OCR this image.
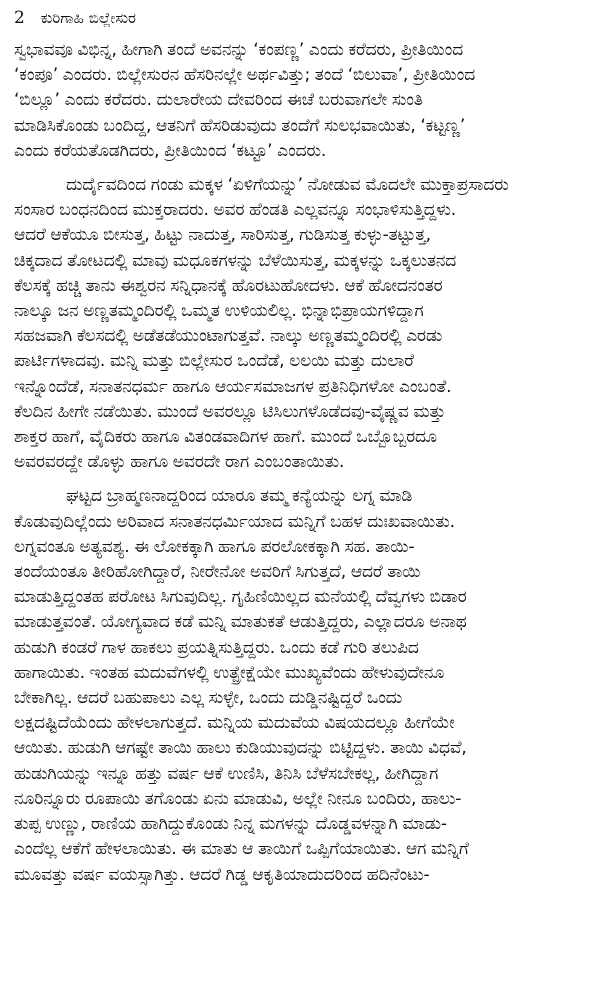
2 ಕುರಿಗಾಹಿ ಬಿಲ್ಲೇಸುರ
ಸ್ವಭಾವವೂ ವಿಭಿನ್ನ, ಹೀಗಾಗಿ ತಂದೆ ಅವನನ್ನು ‘ಕಂಪಣ್ಣ’ ಎಂದು ಕರೆದರು, ಪ್ರೀತಿಯಿಂದ
‘ಕಂಪೂ’ ಎಂದರು. ಬಿಲ್ಲೇಸುರನ ಹೆಸರಿನಲ್ಲೇ ಅರ್ಥವಿತ್ತು; ತಂದೆ ‘ಬಿಲುವಾ’, ಪ್ರೀತಿಯಿಂದ
‘ಬಿಲ್ಲೂ’ ಎಂದು ಕರೆದರು. ದುಲಾರೇಯ ದೇವರಿಂದ ಈಚೆ ಬರುವಾಗಲೇ ಸುಂತಿ
ಮಾಡಿಸಿಕೊಂಡು ಬಂದಿದ್ದ, ಆತನಿಗೆ ಹೆಸರಿಡುವುದು ತಂದೆಗೆ ಸುಲಭವಾಯಿತು, ‘ಕಟ್ಟಣ್ಣ’
ಎಂದು ಕರೆಯತೊಡಗಿದರು, ಪ್ರೀತಿಯಿಂದ ‘ಕಟ್ಟೂ’ ಎಂದರು.
ದುರ್ದೈವದಿಂದ ಗಂಡು ಮಕ್ಕಳ ‘ಏಳಿಗೆಯನ್ನು’ ನೋಡುವ ಮೊದಲೇ ಮುಕ್ತಾಪ್ರಸಾದರು
ಸಂಸಾರ ಬಂಧನದಿಂದ ಮುಕ್ತರಾದರು. ಅವರ ಹೆಂಡತಿ ಎಲ್ಲವನ್ನೂ ಸಂಭಾಳಿಸುತ್ತಿದ್ದಳು.
ಆದರೆ ಆಕೆಯೂ ಬೀಸುತ್ತ, ಹಿಟ್ಟು ನಾದುತ್ತ, ಸಾರಿಸುತ್ತ, ಗುಡಿಸುತ್ತ ಕುಳ್ಳು-ತಟ್ಟುತ್ತ,
ಚಿಕ್ಕದಾದ ತೋಟದಲ್ಲಿ ಮಾವು ಮಧೂಕಗಳನ್ನು ಬೆಳೆಯಿಸುತ್ತ, ಮಕ್ಕಳನ್ನು ಒಕ್ಕಲುತನದ
ಕೆಲಸಕ್ಕೆ ಹಚ್ಚಿ ತಾನು ಈಶ್ವರನ ಸನ್ನಿಧಾನಕ್ಕೆ ಹೊರಟುಹೋದಳು. ಆಕೆ ಹೋದನಂತರ
ನಾಲ್ಕೂ ಜನ ಅಣ್ಣತಮ್ಮಂದಿರಲ್ಲಿ ಒಮ್ಮತ ಉಳಿಯಲಿಲ್ಲ. ಭಿನ್ನಾಭಿಪ್ರಾಯಗಳಿದ್ದಾಗ
ಸಹಜವಾಗಿ ಕೆಲಸದಲ್ಲಿ ಅಡೆತಡೆಯುಂಟಾಗುತ್ತವೆ. ನಾಲ್ಕು ಅಣ್ಣತಮ್ಮಂದಿರಲ್ಲಿ ಎರಡು
ಪಾರ್ಟಿಗಳಾದವು. ಮನ್ನಿ ಮತ್ತು ಬಿಲ್ಲೇಸುರ ಒಂದೆಡೆ, ಲಲಯಿ ಮತ್ತು ದುಲಾರೆ
ಇನ್ನೊಂದೆಡೆ, ಸನಾತನಧರ್ಮ ಹಾಗೂ ಆರ್ಯಸಮಾಜಗಳ ಪ್ರತಿನಿಧಿಗಳೋ ಎಂಬಂತೆ.
ಕೆಲದಿನ ಹೀಗೇ ನಡೆಯಿತು. ಮುಂದೆ ಅವರಲ್ಲೂ ಟಿಸಿಲುಗಳೊಡೆದವು-ವೈಷ್ಣವ ಮತ್ತು
ಶಾಕ್ತರ ಹಾಗೆ, ವೈದಿಕರು ಹಾಗೂ ವಿತಂಡವಾದಿಗಳ ಹಾಗೆ. ಮುಂದೆ ಒಬ್ಬೊಬ್ಬರದೂ
ಅವರವರದ್ದೇ ಡೊಳ್ಳು ಹಾಗೂ ಅವರದೇ ರಾಗ ಎಂಬಂತಾಯಿತು.
ಘಟ್ಟದ ಬ್ರಾಹ್ಮಣನಾದ್ದರಿಂದ ಯಾರೂ ತಮ್ಮ ಕನ್ಯೆಯನ್ನು ಲಗ್ನ ಮಾಡಿ
ಕೊಡುವುದಿಲ್ಲೆಂದು ಅರಿವಾದ ಸನಾತನಧರ್ಮಿಯಾದ ಮನ್ನಿಗೆ ಬಹಳ ದುಃಖವಾಯಿತು.
ಲಗ್ನವಂತೂ ಅತ್ಯವಶ್ಯ. ಈ ಲೋಕಕ್ಕಾಗಿ ಹಾಗೂ ಪರಲೋಕಕ್ಕಾಗಿ ಸಹ. ತಾಯಿ-
ತಂದೆಯಂತೂ ತೀರಿಹೋಗಿದ್ದಾರೆ, ನೀರೇನೋ ಅವರಿಗೆ ಸಿಗುತ್ತದೆ, ಆದರೆ ತಾಯಿ
ಮಾಡುತ್ತಿದ್ದಂತಹ ಪರೋಟ ಸಿಗುವುದಿಲ್ಲ. ಗೃಹಿಣಿಯಿಲ್ಲದ ಮನೆಯಲ್ಲಿ ದೆವ್ವಗಳು ಬಿಡಾರ
ಮಾಡುತ್ತವಂತೆ. ಯೋಗ್ಯವಾದ ಕಡೆ ಮನ್ನಿ ಮಾತುಕತೆ ಆಡುತ್ತಿದ್ದರು, ಎಲ್ಲಾದರೂ ಅನಾಥ
ಹುಡುಗಿ ಕಂಡರೆ ಗಾಳ ಹಾಕಲು ಪ್ರಯತ್ನಿಸುತ್ತಿದ್ದರು. ಒಂದು ಕಡೆ ಗುರಿ ತಲುಪಿದ
ಹಾಗಾಯಿತು. ಇಂತಹ ಮದುವೆಗಳಲ್ಲಿ ಉತ್ಪ್ರೇಕ್ಷೆಯೇ ಮುಖ್ಯವೆಂದು ಹೇಳುವುದೇನೂ
ಬೇಕಾಗಿಲ್ಲ. ಆದರೆ ಬಹುಪಾಲು ಎಲ್ಲ ಸುಳ್ಳೇ, ಒಂದು ದುಡ್ಡಿನಷ್ಟಿದ್ದರೆ ಒಂದು
ಲಕ್ಷದಷ್ಟಿದೆಯೆಂದು ಹೇಳಲಾಗುತ್ತದೆ. ಮನ್ನಿಯ ಮದುವೆಯ ವಿಷಯದಲ್ಲೂ ಹೀಗೆಯೇ
ಆಯಿತು. ಹುಡುಗಿ ಆಗಷ್ಟೇ ತಾಯಿ ಹಾಲು ಕುಡಿಯುವುದನ್ನು ಬಿಟ್ಟಿದ್ದಳು. ತಾಯಿ ವಿಧವೆ,
ಹುಡುಗಿಯನ್ನು ಇನ್ನೂ ಹತ್ತು ವರ್ಷ ಆಕೆ ಉಣಿಸಿ, ತಿನಿಸಿ ಬೆಳೆಸಬೇಕಲ್ಲ, ಹೀಗಿದ್ದಾಗ
ನೂರಿನ್ನೂರು ರೂಪಾಯಿ ತಗೊಂಡು ಏನು ಮಾಡುವಿ, ಅಲ್ಲೇ ನೀನೂ ಬಂದಿರು, ಹಾಲು-
ತುಪ್ಪ ಉಣ್ಣು, ರಾಣಿಯ ಹಾಗಿದ್ದುಕೊಂಡು ನಿನ್ನ ಮಗಳನ್ನು ದೊಡ್ಡವಳನ್ನಾಗಿ ಮಾಡು-
ಎಂದೆಲ್ಲ ಆಕೆಗೆ ಹೇಳಲಾಯಿತು. ಈ ಮಾತು ಆ ತಾಯಿಗೆ ಒಪ್ಪಿಗೆಯಾಯಿತು. ಆಗ ಮನ್ನಿಗೆ
ಮೂವತ್ತು ವರ್ಷ ವಯಸ್ಸಾಗಿತ್ತು. ಆದರೆ ಗಿಡ್ಡ ಆಕೃತಿಯಾದುದರಿಂದ ಹದಿನೆಂಟು-
